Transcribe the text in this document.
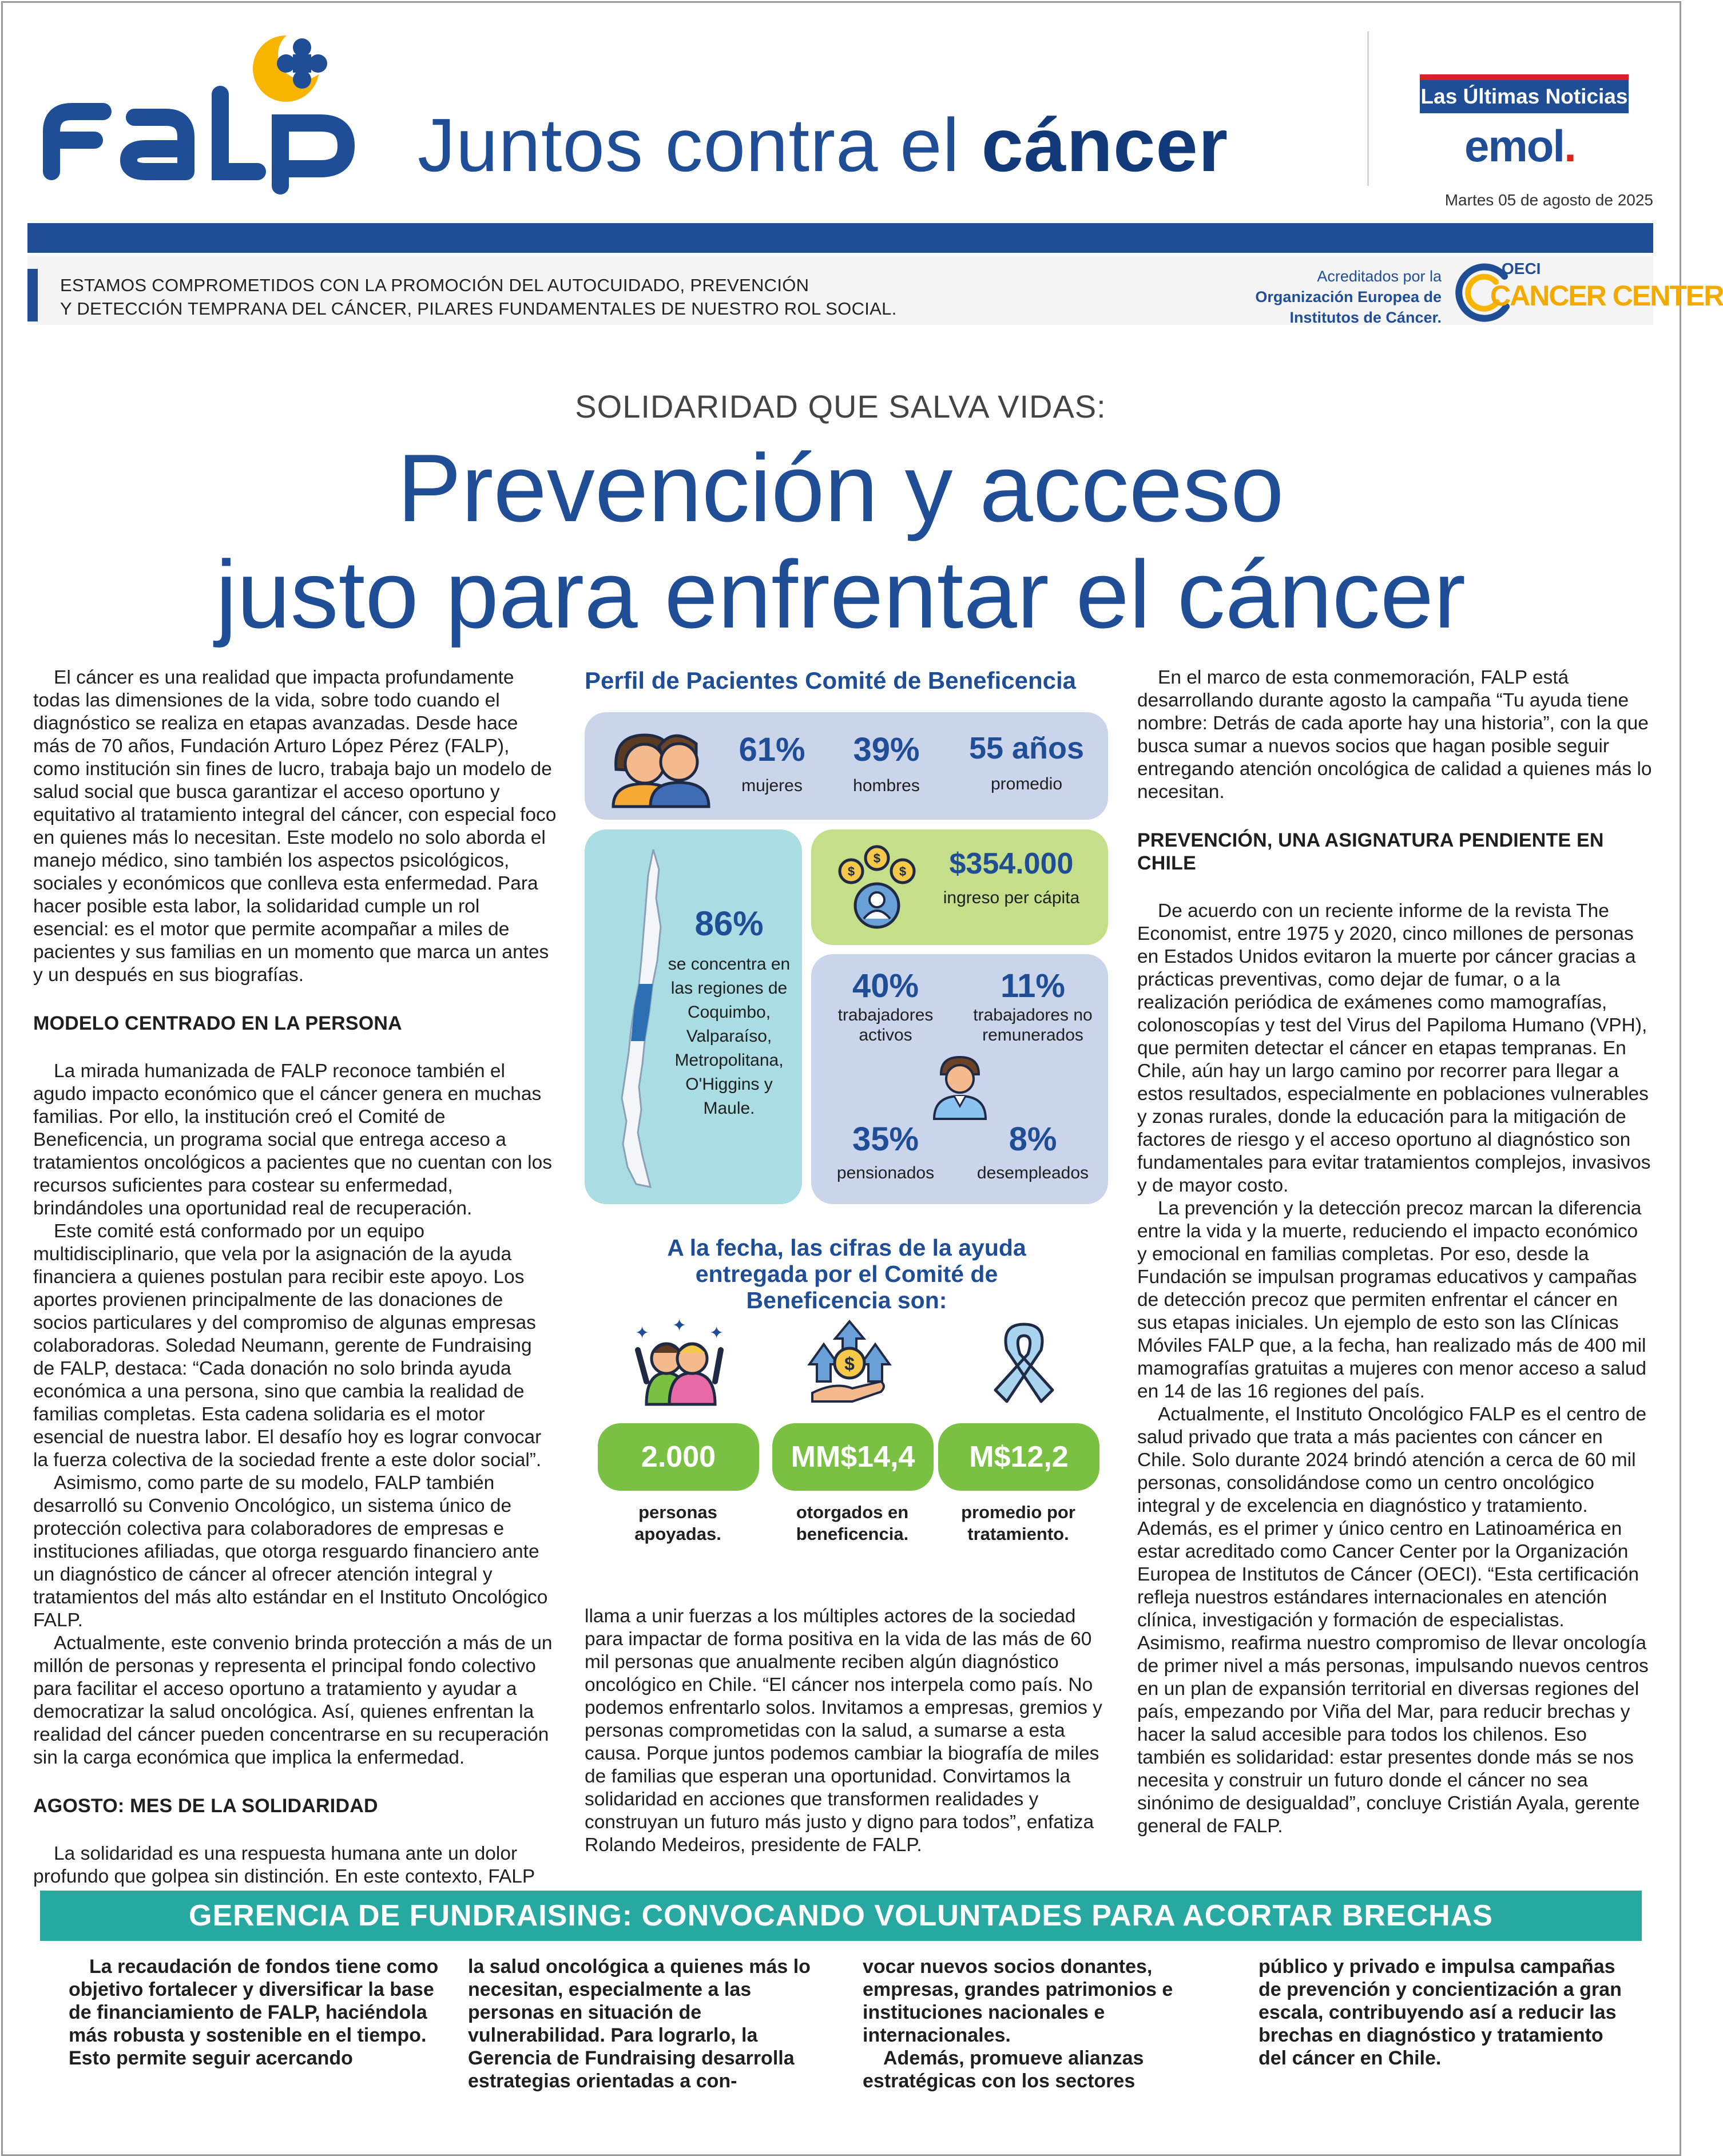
Juntos contra el cáncer
Las Últimas Noticias
emol.
Martes 05 de agosto de 2025
ESTAMOS COMPROMETIDOS CON LA PROMOCIÓN DEL AUTOCUIDADO, PREVENCIÓN
Y DETECCIÓN TEMPRANA DEL CÁNCER, PILARES FUNDAMENTALES DE NUESTRO ROL SOCIAL.
Acreditados por la
Organización Europea de
Institutos de Cáncer.
OECI
CANCER CENTER
SOLIDARIDAD QUE SALVA VIDAS:
Prevención y acceso
justo para enfrentar el cáncer

El cáncer es una realidad que impacta profundamente todas las dimensiones de la vida, sobre todo cuando el diagnóstico se realiza en etapas avanzadas. Desde hace más de 70 años, Fundación Arturo López Pérez (FALP), como institución sin fines de lucro, trabaja bajo un modelo de salud social que busca garantizar el acceso oportuno y equitativo al tratamiento integral del cáncer, con especial foco en quienes más lo necesitan. Este modelo no solo aborda el manejo médico, sino también los aspectos psicológicos, sociales y económicos que conlleva esta enfermedad. Para hacer posible esta labor, la solidaridad cumple un rol esencial: es el motor que permite acompañar a miles de pacientes y sus familias en un momento que marca un antes y un después en sus biografías.

MODELO CENTRADO EN LA PERSONA

La mirada humanizada de FALP reconoce también el agudo impacto económico que el cáncer genera en muchas familias. Por ello, la institución creó el Comité de Beneficencia, un programa social que entrega acceso a tratamientos oncológicos a pacientes que no cuentan con los recursos suficientes para costear su enfermedad, brindándoles una oportunidad real de recuperación.

Este comité está conformado por un equipo multidisciplinario, que vela por la asignación de la ayuda financiera a quienes postulan para recibir este apoyo. Los aportes provienen principalmente de las donaciones de socios particulares y del compromiso de algunas empresas colaboradoras. Soledad Neumann, gerente de Fundraising de FALP, destaca: “Cada donación no solo brinda ayuda económica a una persona, sino que cambia la realidad de familias completas. Esta cadena solidaria es el motor esencial de nuestra labor. El desafío hoy es lograr convocar la fuerza colectiva de la sociedad frente a este dolor social”.

Asimismo, como parte de su modelo, FALP también desarrolló su Convenio Oncológico, un sistema único de protección colectiva para colaboradores de empresas e instituciones afiliadas, que otorga resguardo financiero ante un diagnóstico de cáncer al ofrecer atención integral y tratamientos del más alto estándar en el Instituto Oncológico FALP.

Actualmente, este convenio brinda protección a más de un millón de personas y representa el principal fondo colectivo para facilitar el acceso oportuno a tratamiento y ayudar a democratizar la salud oncológica. Así, quienes enfrentan la realidad del cáncer pueden concentrarse en su recuperación sin la carga económica que implica la enfermedad.

AGOSTO: MES DE LA SOLIDARIDAD

La solidaridad es una respuesta humana ante un dolor profundo que golpea sin distinción. En este contexto, FALP

Perfil de Pacientes Comité de Beneficencia
61%
mujeres
39%
hombres
55 años
promedio
86%
se concentra en las regiones de Coquimbo, Valparaíso, Metropolitana, O'Higgins y Maule.
$
$
$	$354.000
ingreso per cápita
40%
trabajadores activos
11%
trabajadores no remunerados
35%
pensionados
8%
desempleados
A la fecha, las cifras de la ayuda entregada por el Comité de Beneficencia son:
✦ ✦ ✦
$
2.000	MM$14,4	M$12,2
personas apoyadas.
otorgados en beneficencia.
promedio por tratamiento.

llama a unir fuerzas a los múltiples actores de la sociedad para impactar de forma positiva en la vida de las más de 60 mil personas que anualmente reciben algún diagnóstico oncológico en Chile. “El cáncer nos interpela como país. No podemos enfrentarlo solos. Invitamos a empresas, gremios y personas comprometidas con la salud, a sumarse a esta causa. Porque juntos podemos cambiar la biografía de miles de familias que esperan una oportunidad. Convirtamos la solidaridad en acciones que transformen realidades y construyan un futuro más justo y digno para todos”, enfatiza Rolando Medeiros, presidente de FALP.

En el marco de esta conmemoración, FALP está desarrollando durante agosto la campaña “Tu ayuda tiene nombre: Detrás de cada aporte hay una historia”, con la que busca sumar a nuevos socios que hagan posible seguir entregando atención oncológica de calidad a quienes más lo necesitan.

PREVENCIÓN, UNA ASIGNATURA PENDIENTE EN CHILE

De acuerdo con un reciente informe de la revista The Economist, entre 1975 y 2020, cinco millones de personas en Estados Unidos evitaron la muerte por cáncer gracias a prácticas preventivas, como dejar de fumar, o a la realización periódica de exámenes como mamografías, colonoscopías y test del Virus del Papiloma Humano (VPH), que permiten detectar el cáncer en etapas tempranas. En Chile, aún hay un largo camino por recorrer para llegar a estos resultados, especialmente en poblaciones vulnerables y zonas rurales, donde la educación para la mitigación de factores de riesgo y el acceso oportuno al diagnóstico son fundamentales para evitar tratamientos complejos, invasivos y de mayor costo.

La prevención y la detección precoz marcan la diferencia entre la vida y la muerte, reduciendo el impacto económico y emocional en familias completas. Por eso, desde la Fundación se impulsan programas educativos y campañas de detección precoz que permiten enfrentar el cáncer en sus etapas iniciales. Un ejemplo de esto son las Clínicas Móviles FALP que, a la fecha, han realizado más de 400 mil mamografías gratuitas a mujeres con menor acceso a salud en 14 de las 16 regiones del país.

Actualmente, el Instituto Oncológico FALP es el centro de salud privado que trata a más pacientes con cáncer en Chile. Solo durante 2024 brindó atención a cerca de 60 mil personas, consolidándose como un centro oncológico integral y de excelencia en diagnóstico y tratamiento. Además, es el primer y único centro en Latinoamérica en estar acreditado como Cancer Center por la Organización Europea de Institutos de Cáncer (OECI). “Esta certificación refleja nuestros estándares internacionales en atención clínica, investigación y formación de especialistas. Asimismo, reafirma nuestro compromiso de llevar oncología de primer nivel a más personas, impulsando nuevos centros en un plan de expansión territorial en diversas regiones del país, empezando por Viña del Mar, para reducir brechas y hacer la salud accesible para todos los chilenos. Eso también es solidaridad: estar presentes donde más se nos necesita y construir un futuro donde el cáncer no sea sinónimo de desigualdad”, concluye Cristián Ayala, gerente general de FALP.

GERENCIA DE FUNDRAISING: CONVOCANDO VOLUNTADES PARA ACORTAR BRECHAS

La recaudación de fondos tiene como objetivo fortalecer y diversificar la base de financiamiento de FALP, haciéndola más robusta y sostenible en el tiempo. Esto permite seguir acercando

la salud oncológica a quienes más lo necesitan, especialmente a las personas en situación de vulnerabilidad. Para lograrlo, la Gerencia de Fundraising desarrolla estrategias orientadas a con-

vocar nuevos socios donantes, empresas, grandes patrimonios e instituciones nacionales e internacionales.

Además, promueve alianzas estratégicas con los sectores

público y privado e impulsa campañas de prevención y concientización a gran escala, contribuyendo así a reducir las brechas en diagnóstico y tratamiento del cáncer en Chile.
